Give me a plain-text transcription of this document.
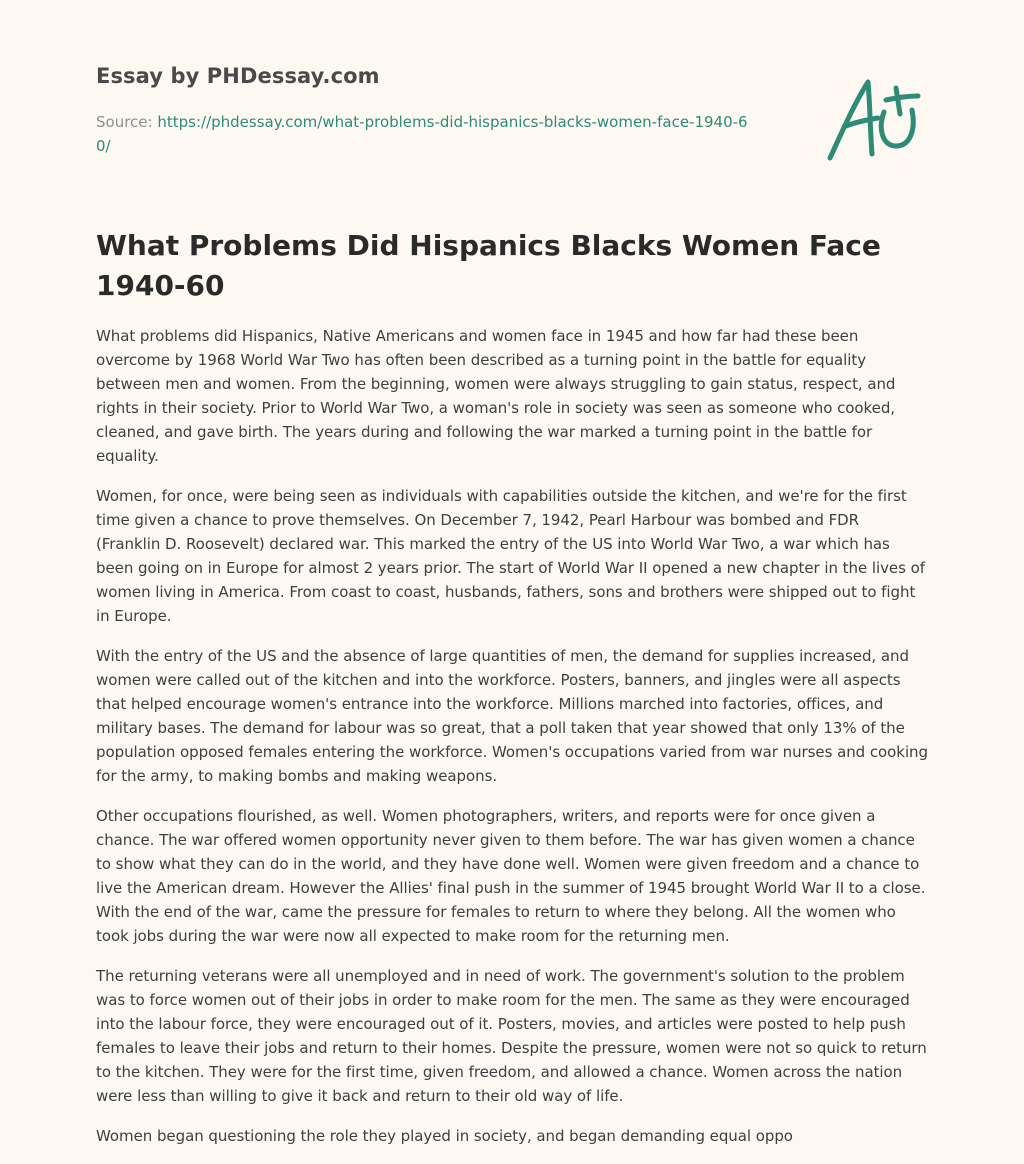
Essay by PHDessay.com

Source: https://phdessay.com/what-problems-did-hispanics-blacks-women-face-1940-60/

What Problems Did Hispanics Blacks Women Face 1940-60

What problems did Hispanics, Native Americans and women face in 1945 and how far had these been overcome by 1968 World War Two has often been described as a turning point in the battle for equality between men and women. From the beginning, women were always struggling to gain status, respect, and rights in their society. Prior to World War Two, a woman's role in society was seen as someone who cooked, cleaned, and gave birth. The years during and following the war marked a turning point in the battle for equality.

Women, for once, were being seen as individuals with capabilities outside the kitchen, and we're for the first time given a chance to prove themselves. On December 7, 1942, Pearl Harbour was bombed and FDR (Franklin D. Roosevelt) declared war. This marked the entry of the US into World War Two, a war which has been going on in Europe for almost 2 years prior. The start of World War II opened a new chapter in the lives of women living in America. From coast to coast, husbands, fathers, sons and brothers were shipped out to fight in Europe.

With the entry of the US and the absence of large quantities of men, the demand for supplies increased, and women were called out of the kitchen and into the workforce. Posters, banners, and jingles were all aspects that helped encourage women's entrance into the workforce. Millions marched into factories, offices, and military bases. The demand for labour was so great, that a poll taken that year showed that only 13% of the population opposed females entering the workforce. Women's occupations varied from war nurses and cooking for the army, to making bombs and making weapons.

Other occupations flourished, as well. Women photographers, writers, and reports were for once given a chance. The war offered women opportunity never given to them before. The war has given women a chance to show what they can do in the world, and they have done well. Women were given freedom and a chance to live the American dream. However the Allies' final push in the summer of 1945 brought World War II to a close. With the end of the war, came the pressure for females to return to where they belong. All the women who took jobs during the war were now all expected to make room for the returning men.

The returning veterans were all unemployed and in need of work. The government's solution to the problem was to force women out of their jobs in order to make room for the men. The same as they were encouraged into the labour force, they were encouraged out of it. Posters, movies, and articles were posted to help push females to leave their jobs and return to their homes. Despite the pressure, women were not so quick to return to the kitchen. They were for the first time, given freedom, and allowed a chance. Women across the nation were less than willing to give it back and return to their old way of life.

Women began questioning the role they played in society, and began demanding equal oppo
